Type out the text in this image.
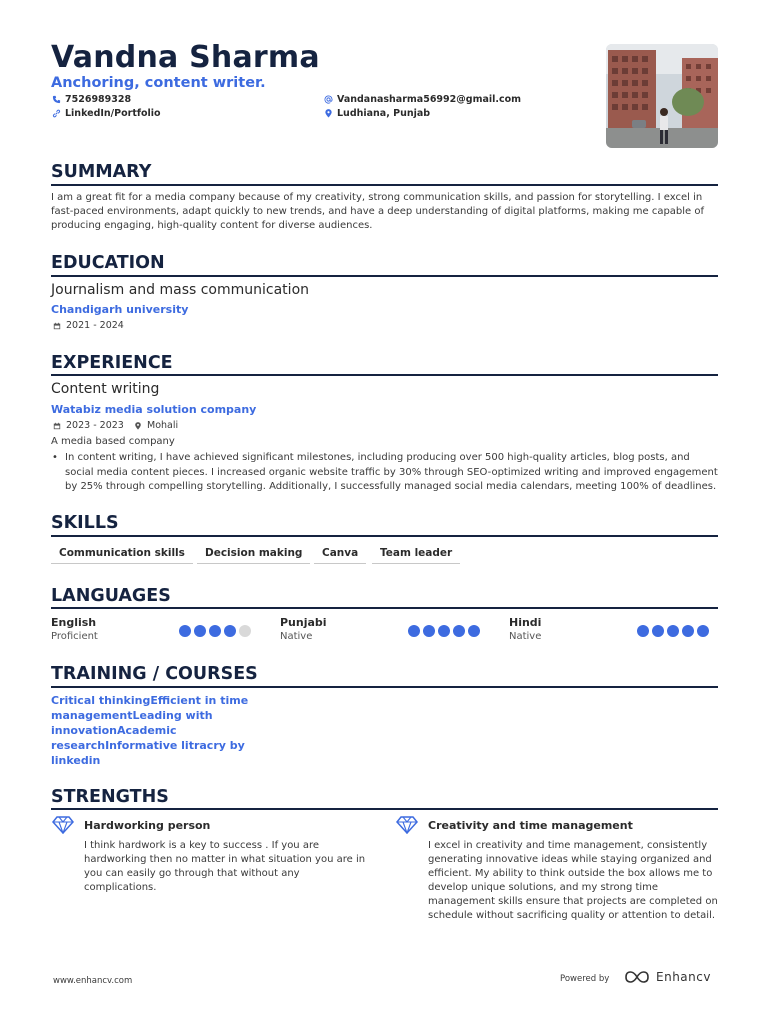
Vandna Sharma
Anchoring, content writer.
7526989328
LinkedIn/Portfolio
Vandanasharma56992@gmail.com
Ludhiana, Punjab
SUMMARY
I am a great fit for a media company because of my creativity, strong communication skills, and passion for storytelling. I excel in fast-paced environments, adapt quickly to new trends, and have a deep understanding of digital platforms, making me capable of producing engaging, high-quality content for diverse audiences.
EDUCATION
Journalism and mass communication
Chandigarh university
2021 - 2024
EXPERIENCE
Content writing
Watabiz media solution company
2023 - 2023 Mohali
A media based company
• In content writing, I have achieved significant milestones, including producing over 500 high-quality articles, blog posts, and social media content pieces. I increased organic website traffic by 30% through SEO-optimized writing and improved engagement by 25% through compelling storytelling. Additionally, I successfully managed social media calendars, meeting 100% of deadlines.
SKILLS
Communication skills	Decision making	Canva	Team leader
LANGUAGES
English
Proficient
Punjabi
Native
Hindi
Native
TRAINING / COURSES
Critical thinkingEfficient in time managementLeading with innovationAcademic researchInformative litracry by linkedin
STRENGTHS
Hardworking person
I think hardwork is a key to success . If you are hardworking then no matter in what situation you are in you can easily go through that without any complications.
Creativity and time management
I excel in creativity and time management, consistently generating innovative ideas while staying organized and efficient. My ability to think outside the box allows me to develop unique solutions, and my strong time management skills ensure that projects are completed on schedule without sacrificing quality or attention to detail.
www.enhancv.com	Powered by	Enhancv
